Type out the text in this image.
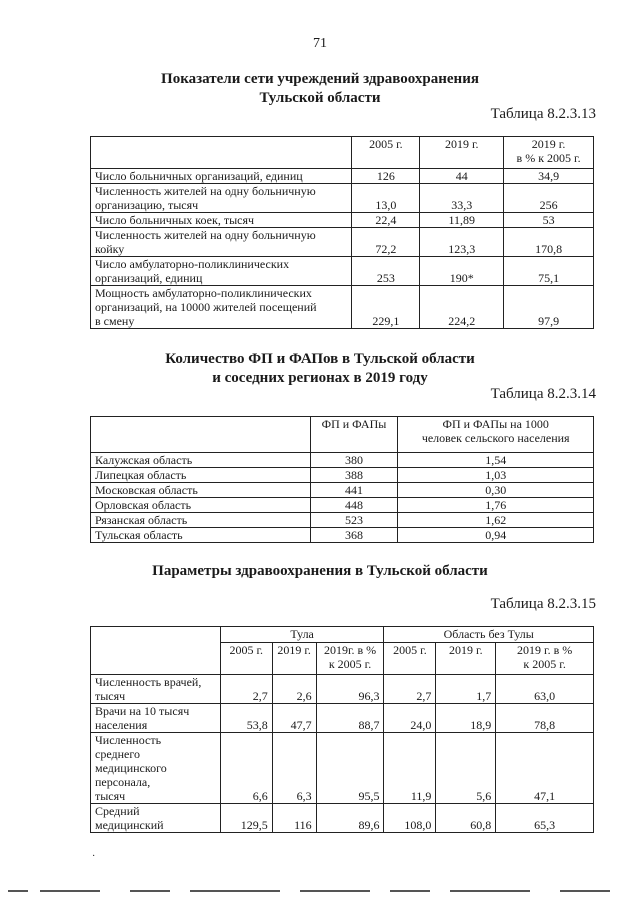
71
Показатели сети учреждений здравоохранения
Тульской области
Таблица 8.2.3.13
	2005 г.	2019 г.	2019 г.
в % к 2005 г.
Число больничных организаций, единиц	126	44	34,9
Численность жителей на одну больничную
организацию, тысяч	13,0	33,3	256
Число больничных коек, тысяч	22,4	11,89	53
Численность жителей на одну больничную
койку	72,2	123,3	170,8
Число амбулаторно-поликлинических
организаций, единиц	253	190*	75,1
Мощность амбулаторно-поликлинических
организаций, на 10000 жителей посещений
в смену	229,1	224,2	97,9
Количество ФП и ФАПов в Тульской области
и соседних регионах в 2019 году
Таблица 8.2.3.14
	ФП и ФАПы	ФП и ФАПы на 1000
человек сельского населения
Калужская область	380	1,54
Липецкая область	388	1,03
Московская область	441	0,30
Орловская область	448	1,76
Рязанская область	523	1,62
Тульская область	368	0,94
Параметры здравоохранения в Тульской области
Таблица 8.2.3.15
	Тула			Область без Тулы		
	2005 г.	2019 г.	2019г. в %
к 2005 г.	2005 г.	2019 г.	2019 г. в %
к 2005 г.
Численность врачей,
тысяч	2,7	2,6	96,3	2,7	1,7	63,0
Врачи на 10 тысяч
населения	53,8	47,7	88,7	24,0	18,9	78,8
Численность
среднего
медицинского
персонала,
тысяч	6,6	6,3	95,5	11,9	5,6	47,1
Средний
медицинский	129,5	116	89,6	108,0	60,8	65,3
·
